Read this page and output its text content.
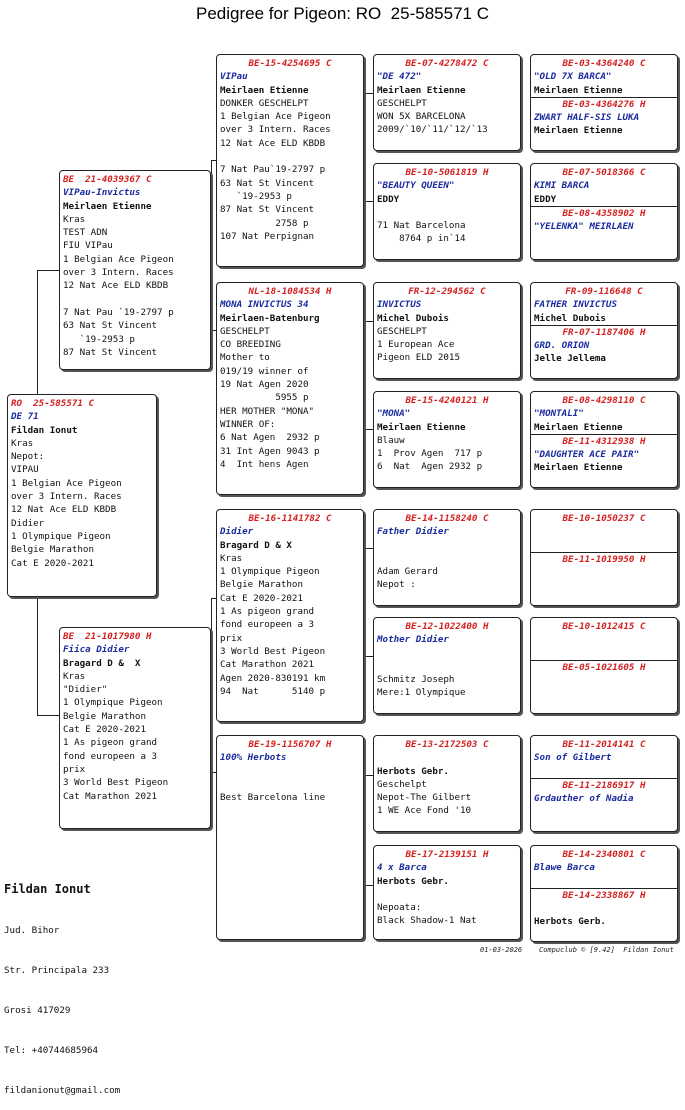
Pedigree for Pigeon: RO  25-585571 C
RO  25-585571 C
DE 71
Fildan Ionut
Kras
Nepot:
VIPAU
1 Belgian Ace Pigeon
over 3 Intern. Races
12 Nat Ace ELD KBDB
Didier
1 Olympique Pigeon
Belgie Marathon
Cat E 2020-2021
BE  21-4039367 C
VIPau-Invictus
Meirlaen Etienne
Kras
TEST ADN
FIU VIPau
1 Belgian Ace Pigeon
over 3 Intern. Races
12 Nat Ace ELD KBDB

7 Nat Pau `19-2797 p
63 Nat St Vincent
`19-2953 p
87 Nat St Vincent
BE  21-1017980 H
Fiica Didier
Bragard D &  X
Kras
"Didier"
1 Olympique Pigeon
Belgie Marathon
Cat E 2020-2021
1 As pigeon grand
fond europeen a 3
prix
3 World Best Pigeon
Cat Marathon 2021
BE-15-4254695 C
VIPau
Meirlaen Etienne
DONKER GESCHELPT
1 Belgian Ace Pigeon
over 3 Intern. Races
12 Nat Ace ELD KBDB

7 Nat Pau`19-2797 p
63 Nat St Vincent
`19-2953 p
87 Nat St Vincent
2758 p
107 Nat Perpignan
NL-18-1084534 H
MONA INVICTUS 34
Meirlaen-Batenburg
GESCHELPT
CO BREEDING
Mother to
019/19 winner of
19 Nat Agen 2020
5955 p
HER MOTHER "MONA"
WINNER OF:
6 Nat Agen  2932 p
31 Int Agen 9043 p
4  Int hens Agen
BE-16-1141782 C
Didier
Bragard D & X
Kras
1 Olympique Pigeon
Belgie Marathon
Cat E 2020-2021
1 As pigeon grand
fond europeen a 3
prix
3 World Best Pigeon
Cat Marathon 2021
Agen 2020-830191 km
94  Nat      5140 p
BE-19-1156707 H
100% Herbots

Best Barcelona line
BE-07-4278472 C
"DE 472"
Meirlaen Etienne
GESCHELPT
WON 5X BARCELONA
2009/`10/`11/`12/`13
BE-10-5061819 H
"BEAUTY QUEEN"
EDDY

71 Nat Barcelona
8764 p in`14
FR-12-294562 C
INVICTUS
Michel Dubois
GESCHELPT
1 European Ace
Pigeon ELD 2015
BE-15-4240121 H
"MONA"
Meirlaen Etienne
Blauw
1  Prov Agen  717 p
6  Nat  Agen 2932 p
BE-14-1158240 C
Father Didier

Adam Gerard
Nepot :
BE-12-1022400 H
Mother Didier

Schmitz Joseph
Mere:1 Olympique
BE-13-2172503 C

Herbots Gebr.
Geschelpt
Nepot-The Gilbert
1 WE Ace Fond '10
BE-17-2139151 H
4 x Barca
Herbots Gebr.

Nepoata:
Black Shadow-1 Nat
BE-03-4364240 C
"OLD 7X BARCA"
Meirlaen Etienne
BE-03-4364276 H
ZWART HALF-SIS LUKA
Meirlaen Etienne
BE-07-5018366 C
KIMI BARCA
EDDY
BE-08-4358902 H
"YELENKA" MEIRLAEN

FR-09-116648 C
FATHER INVICTUS
Michel Dubois
FR-07-1187406 H
GRD. ORION
Jelle Jellema
BE-08-4298110 C
"MONTALI"
Meirlaen Etienne
BE-11-4312938 H
"DAUGHTER ACE PAIR"
Meirlaen Etienne
BE-10-1050237 C

BE-11-1019950 H

BE-10-1012415 C

BE-05-1021605 H

BE-11-2014141 C
Son of Gilbert

BE-11-2186917 H
Grdauther of Nadia

BE-14-2340801 C
Blawe Barca

BE-14-2338867 H

Herbots Gerb.

Fildan Ionut

Jud. Bihor

Str. Principala 233

Grosi 417029

Tel: +40744685964

fildanionut@gmail.com

01-03-2026    Compuclub © [9.42]  Fildan Ionut
